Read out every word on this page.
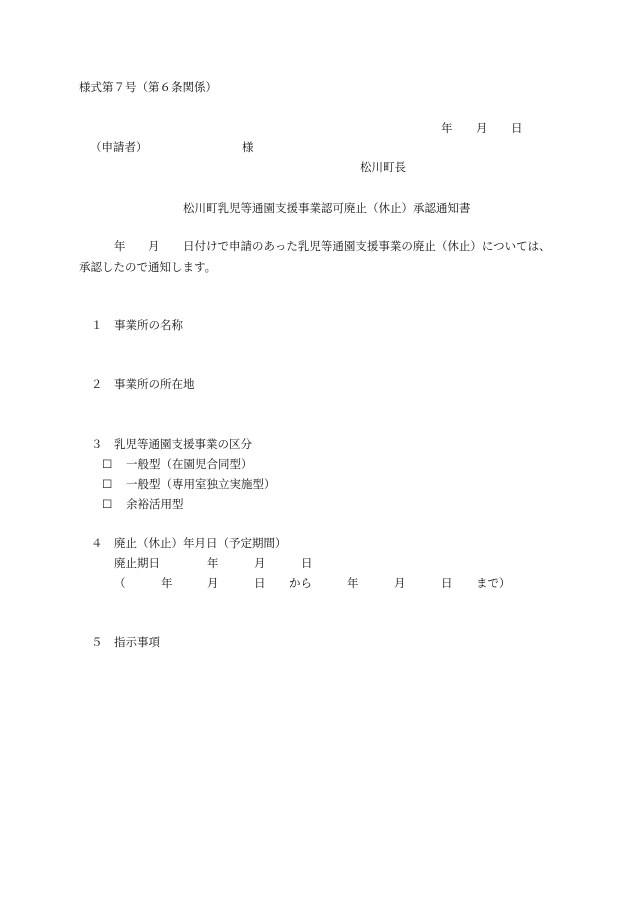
様式第７号（第６条関係）
年 月 日
（申請者）	様
松川町長
松川町乳児等通園支援事業認可廃止（休止）承認通知書
年 月 日付けで申請のあった乳児等通園支援事業の廃止（休止）については、
承認したので通知します。
１ 事業所の名称
２ 事業所の所在地
３ 乳児等通園支援事業の区分
☐ 一般型（在園児合同型）
☐ 一般型（専用室独立実施型）
☐ 余裕活用型
４ 廃止（休止）年月日（予定期間）
廃止期日	年	月	日
（	年	月	日 から	年	月	日 まで）
５ 指示事項
